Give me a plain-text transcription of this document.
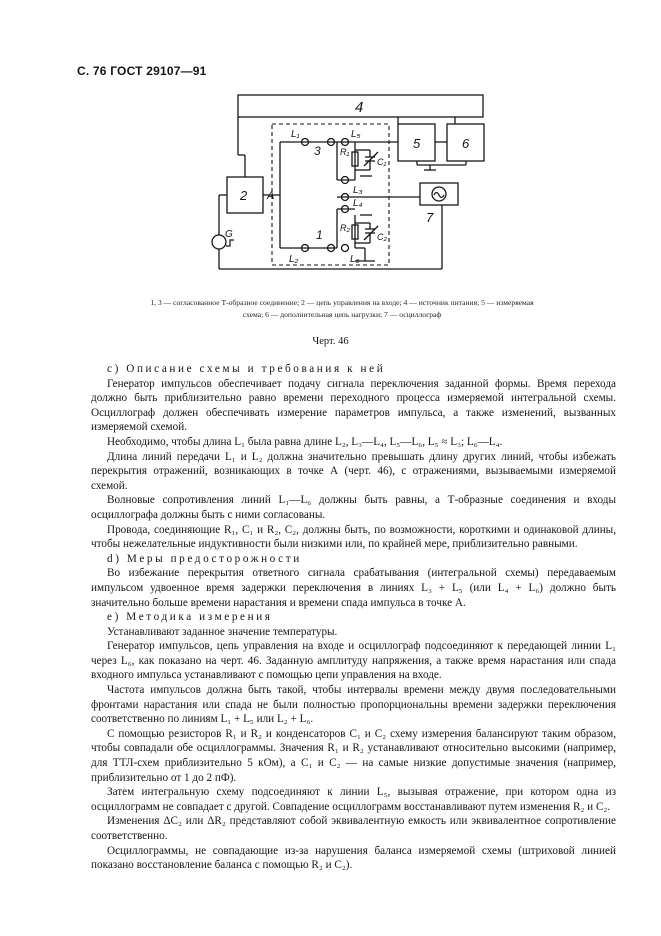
С. 76 ГОСТ 29107—91
4
5	6
2
7
А
G	1
3
L₁
L₂
L₃
L₄
L₅
L₆
R₁
R₂
C₁
C₂
1, 3 — согласованное Т-образное соединение; 2 — цепь управления на входе; 4 — источник питания; 5 — измеряемая
схема; 6 — дополнительная цепь нагрузки; 7 — осциллограф
Черт. 46

с) Описание схемы и требования к ней

Генератор импульсов обеспечивает подачу сигнала переключения заданной формы. Время перехода должно быть приблизительно равно времени переходного процесса измеряемой интегральной схемы. Осциллограф должен обеспечивать измерение параметров импульса, а также изменений, вызванных измеряемой схемой.

Необходимо, чтобы длина L₁ была равна длине L₂, L₃—L₄, L₅—L₆, L₅ ≈ L₃; L₆—L₄.

Длина линий передачи L₁ и L₂ должна значительно превышать длину других линий, чтобы избежать перекрытия отражений, возникающих в точке А (черт. 46), с отражениями, вызываемыми измеряемой схемой.

Волновые сопротивления линий L₁—L₆ должны быть равны, а Т-образные соединения и входы осциллографа должны быть с ними согласованы.

Провода, соединяющие R₁, C₁ и R₂, C₂, должны быть, по возможности, короткими и одинаковой длины, чтобы нежелательные индуктивности были низкими или, по крайней мере, приблизительно равными.

d) Меры предосторожности

Во избежание перекрытия ответного сигнала срабатывания (интегральной схемы) передаваемым импульсом удвоенное время задержки переключения в линиях L₃ + L₅ (или L₄ + L₆) должно быть значительно больше времени нарастания и времени спада импульса в точке А.

е) Методика измерения

Устанавливают заданное значение температуры.

Генератор импульсов, цепь управления на входе и осциллограф подсоединяют к передающей линии L₁ через L₆, как показано на черт. 46. Заданную амплитуду напряжения, а также время нарастания или спада входного импульса устанавливают с помощью цепи управления на входе.

Частота импульсов должна быть такой, чтобы интервалы времени между двумя последовательными фронтами нарастания или спада не были полностью пропорциональны времени задержки переключения соответственно по линиям L₁ + L₅ или L₂ + L₆.

С помощью резисторов R₁ и R₂ и конденсаторов C₁ и C₂ схему измерения балансируют таким образом, чтобы совпадали обе осциллограммы. Значения R₁ и R₂ устанавливают относительно высокими (например, для ТТЛ-схем приблизительно 5 кОм), а C₁ и C₂ — на самые низкие допустимые значения (например, приблизительно от 1 до 2 пФ).

Затем интегральную схему подсоединяют к линии L₅, вызывая отражение, при котором одна из осциллограмм не совпадает с другой. Совпадение осциллограмм восстанавливают путем изменения R₂ и C₂.

Изменения ΔC₂ или ΔR₂ представляют собой эквивалентную емкость или эквивалентное сопротивление соответственно.

Осциллограммы, не совпадающие из-за нарушения баланса измеряемой схемы (штриховой линией показано восстановление баланса с помощью R₂ и C₂).
